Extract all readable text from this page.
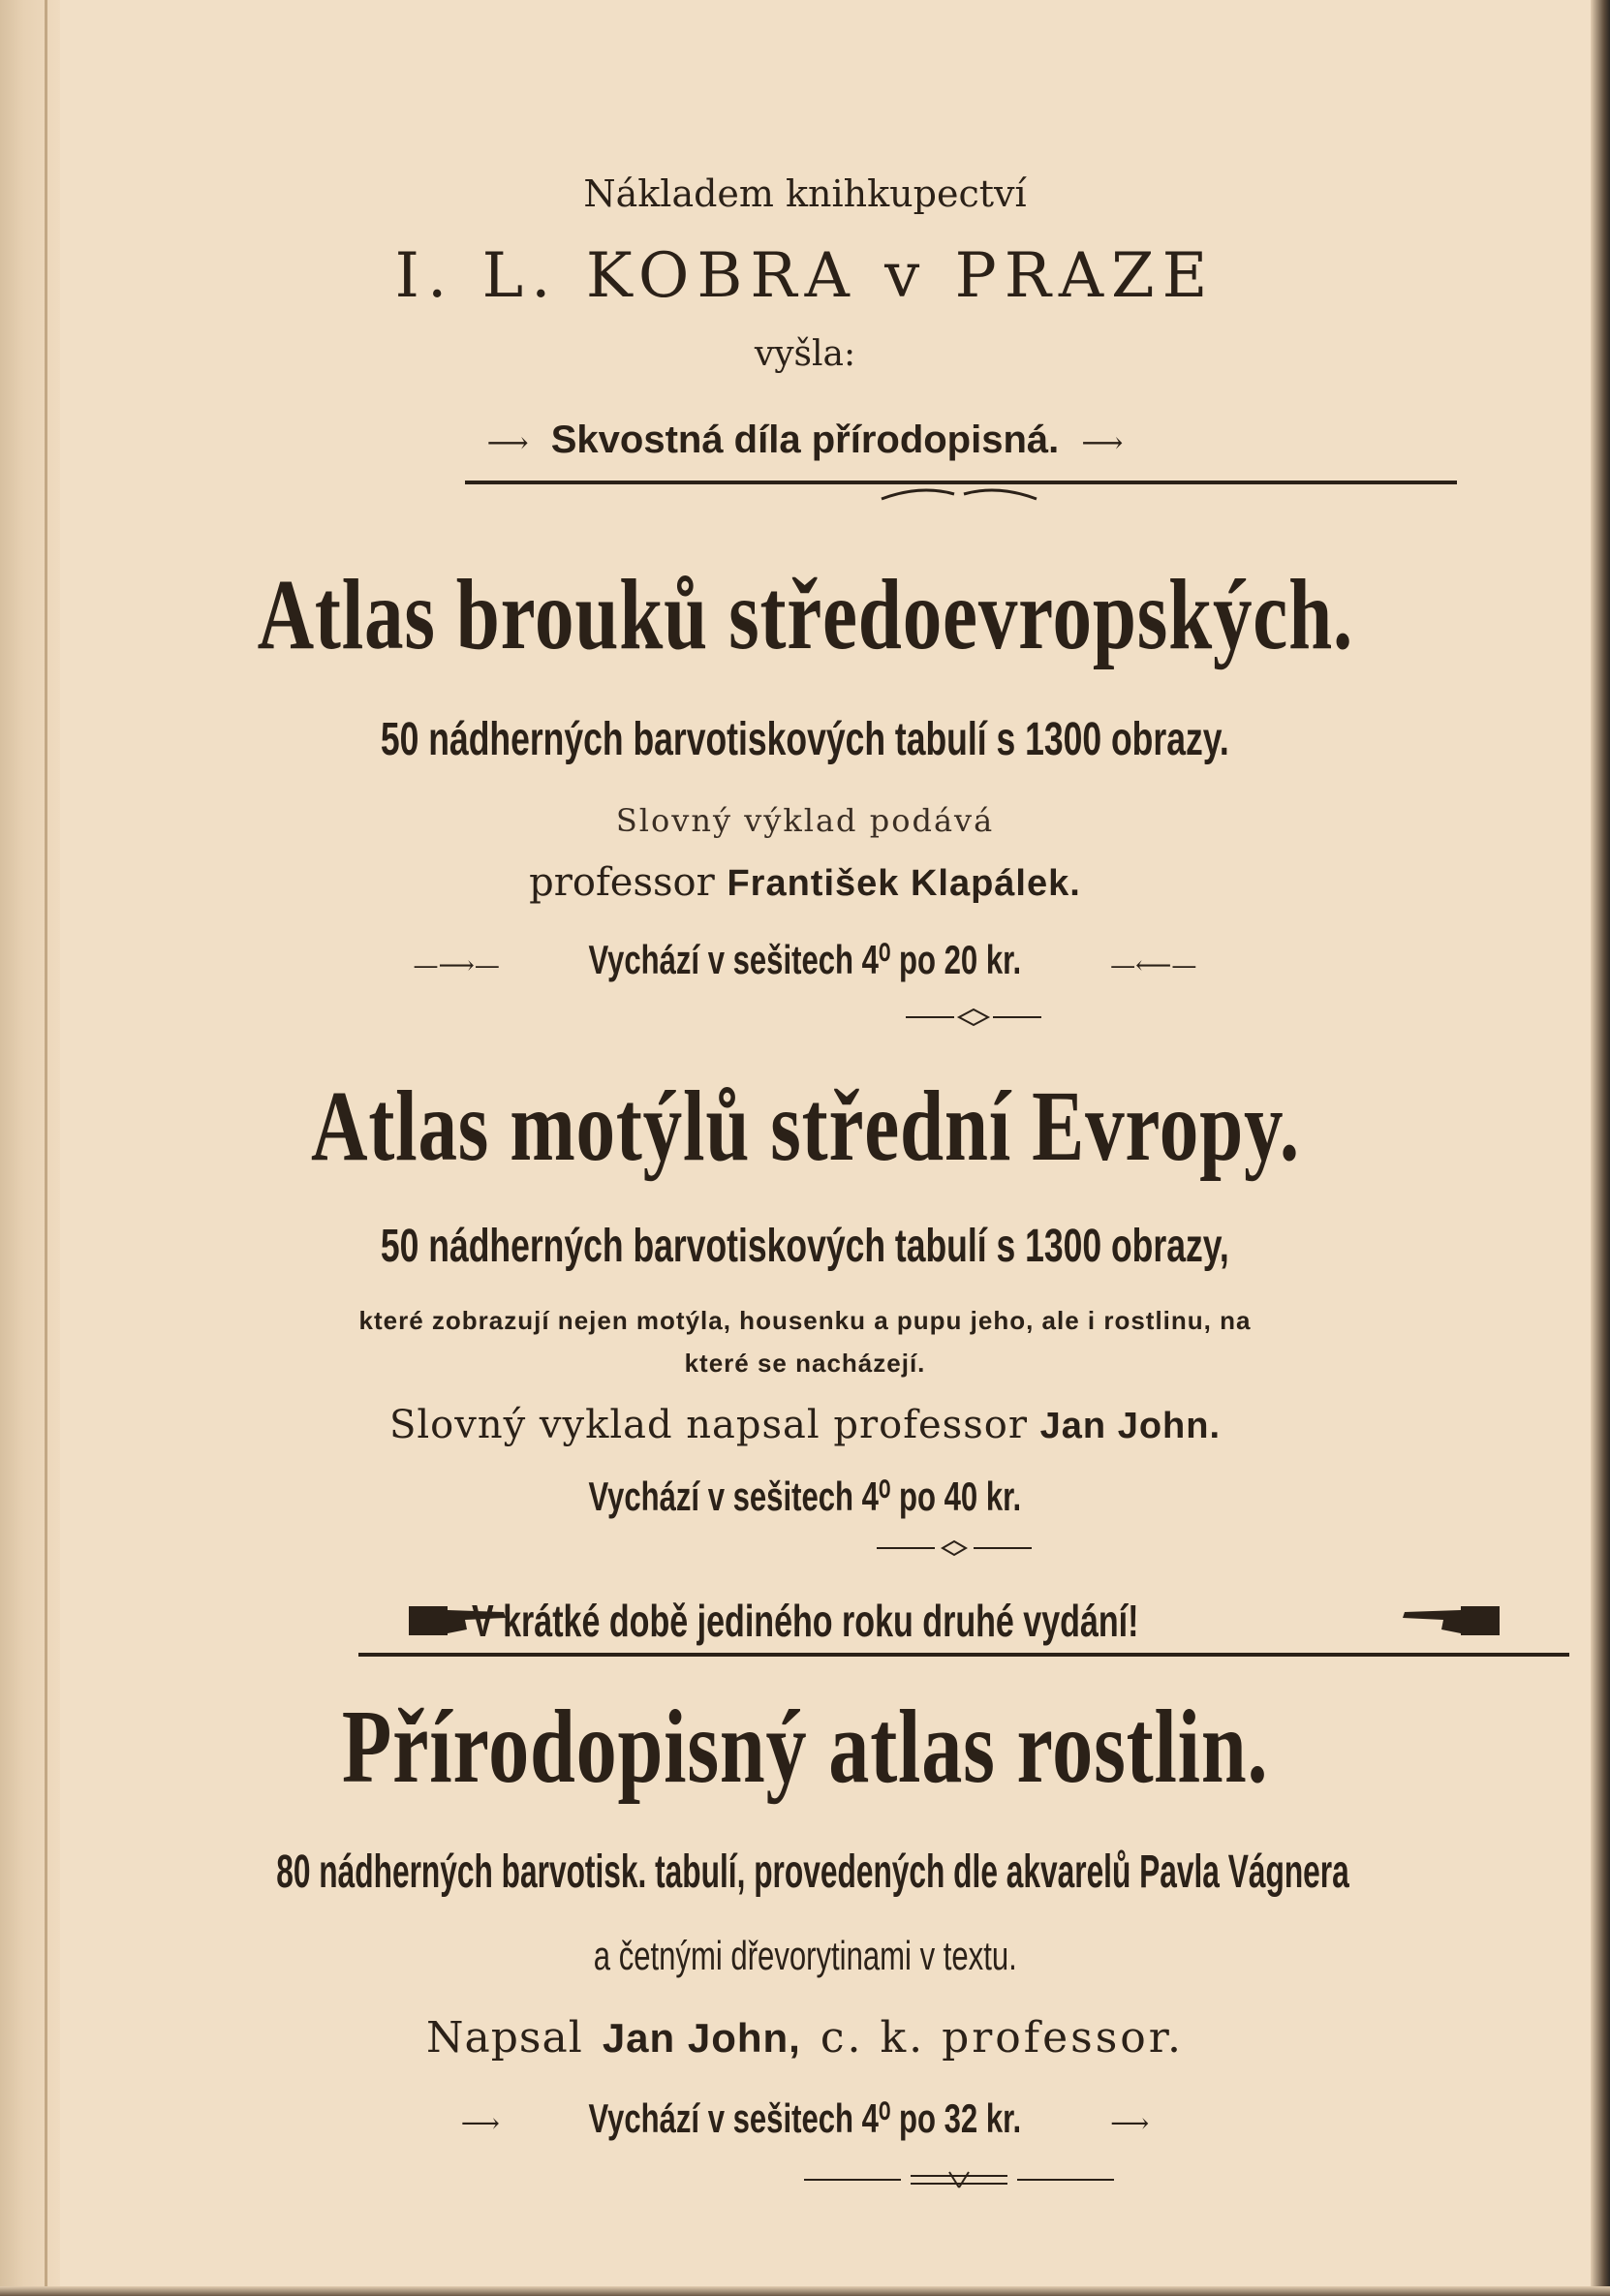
Nákladem knihkupectví
I. L. KOBRA v PRAZE
vyšla:
⟶ Skvostná díla přírodopisná. ⟶
Atlas brouků středoevropských.
50 nádherných barvotiskových tabulí s 1300 obrazy.
Slovný výklad podává
professor František Klapálek.
—⟶— Vychází v sešitech 4⁰ po 20 kr.	—⟵—
Atlas motýlů střední Evropy.
50 nádherných barvotiskových tabulí s 1300 obrazy,
které zobrazují nejen motýla, housenku a pupu jeho, ale i rostlinu, na
které se nacházejí.
Slovný vyklad napsal professor Jan John.
Vychází v sešitech 4⁰ po 40 kr.
V krátké době jediného roku druhé vydání!
Přírodopisný atlas rostlin.
80 nádherných barvotisk. tabulí, provedených dle akvarelů Pavla Vágnera
a četnými dřevorytinami v textu.
Napsal Jan John, c. k. professor.
⟶ Vychází v sešitech 4⁰ po 32 kr.	⟶
